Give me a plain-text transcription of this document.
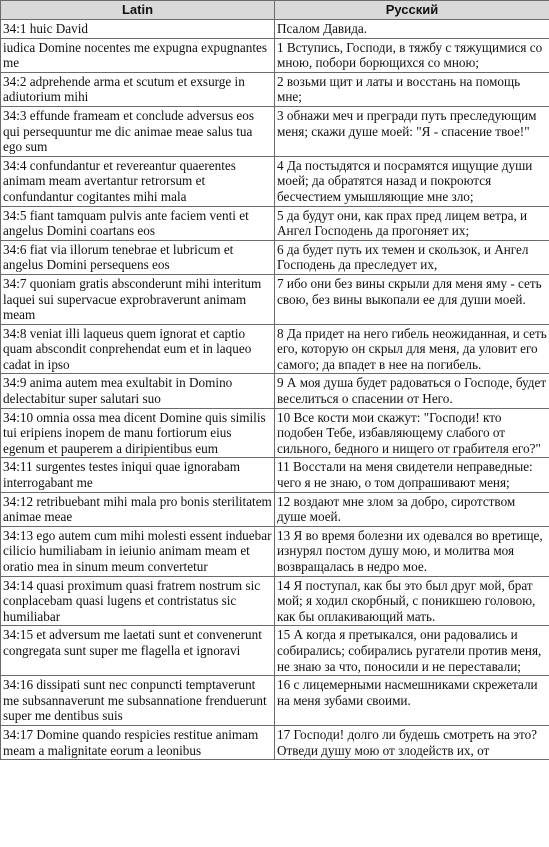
Latin	Русский
34:1 huic David	Псалом Давида.
iudica Domine nocentes me expugna expugnantes me	1 Вступись, Господи, в тяжбу с тяжущимися со мною, побори борющихся со мною;
34:2 adprehende arma et scutum et exsurge in adiutorium mihi	2 возьми щит и латы и восстань на помощь мне;
34:3 effunde frameam et conclude adversus eos qui persequuntur me dic animae meae salus tua ego sum	3 обнажи меч и прегради путь преследующим меня; скажи душе моей: "Я - спасение твое!"
34:4 confundantur et revereantur quaerentes animam meam avertantur retrorsum et confundantur cogitantes mihi mala	4 Да постыдятся и посрамятся ищущие души моей; да обратятся назад и покроются бесчестием умышляющие мне зло;
34:5 fiant tamquam pulvis ante faciem venti et angelus Domini coartans eos	5 да будут они, как прах пред лицем ветра, и Ангел Господень да прогоняет их;
34:6 fiat via illorum tenebrae et lubricum et angelus Domini persequens eos	6 да будет путь их темен и скользок, и Ангел Господень да преследует их,
34:7 quoniam gratis absconderunt mihi interitum laquei sui supervacue exprobraverunt animam meam	7 ибо они без вины скрыли для меня яму - сеть свою, без вины выкопали ее для души моей.
34:8 veniat illi laqueus quem ignorat et captio quam abscondit conprehendat eum et in laqueo cadat in ipso	8 Да придет на него гибель неожиданная, и сеть его, которую он скрыл для меня, да уловит его самого; да впадет в нее на погибель.
34:9 anima autem mea exultabit in Domino delectabitur super salutari suo	9 А моя душа будет радоваться о Господе, будет веселиться о спасении от Него.
34:10 omnia ossa mea dicent Domine quis similis tui eripiens inopem de manu fortiorum eius egenum et pauperem a diripientibus eum	10 Все кости мои скажут: "Господи! кто подобен Тебе, избавляющему слабого от сильного, бедного и нищего от грабителя его?"
34:11 surgentes testes iniqui quae ignorabam interrogabant me	11 Восстали на меня свидетели неправедные: чего я не знаю, о том допрашивают меня;
34:12 retribuebant mihi mala pro bonis sterilitatem animae meae	12 воздают мне злом за добро, сиротством душе моей.
34:13 ego autem cum mihi molesti essent induebar cilicio humiliabam in ieiunio animam meam et oratio mea in sinum meum convertetur	13 Я во время болезни их одевался во вретище, изнурял постом душу мою, и молитва моя возвращалась в недро мое.
34:14 quasi proximum quasi fratrem nostrum sic conplacebam quasi lugens et contristatus sic humiliabar	14 Я поступал, как бы это был друг мой, брат мой; я ходил скорбный, с поникшею головою, как бы оплакивающий мать.
34:15 et adversum me laetati sunt et convenerunt congregata sunt super me flagella et ignoravi	15 А когда я претыкался, они радовались и собирались; собирались ругатели против меня, не знаю за что, поносили и не переставали;
34:16 dissipati sunt nec conpuncti temptaverunt me subsannaverunt me subsannatione frenduerunt super me dentibus suis	16 с лицемерными насмешниками скрежетали на меня зубами своими.
34:17 Domine quando respicies restitue animam meam a malignitate eorum a leonibus	17 Господи! долго ли будешь смотреть на это? Отведи душу мою от злодейств их, от
